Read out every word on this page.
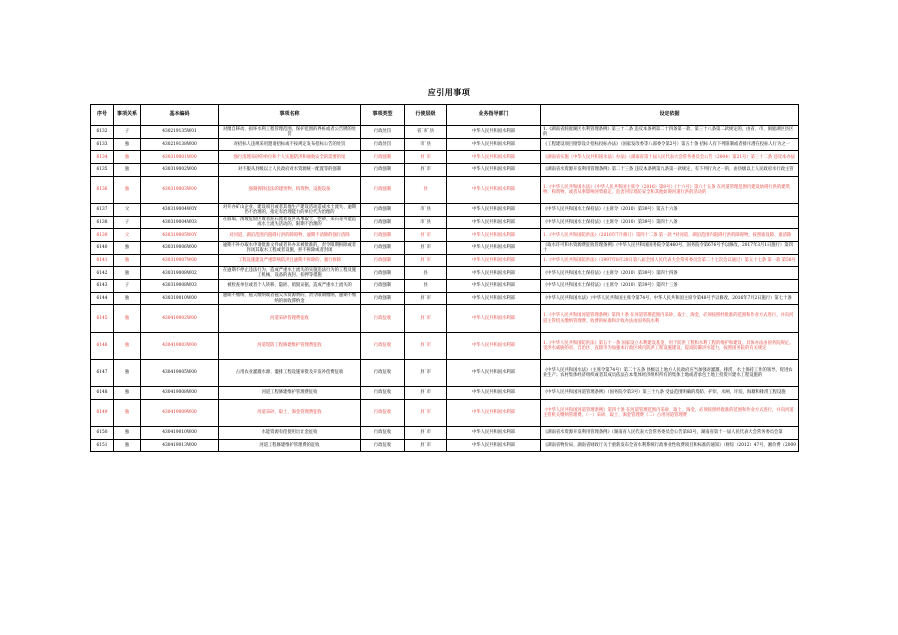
应引用事项
序号	事项关系	基本编码	事项名称	事项类型	行使层级	业务指导部门	设定依据
6132	子	430219135W01	对擅自移动、损坏水利工程管理范围，保护范围的界桩或者公告牌的处罚	行政处罚	省`市`县	中华人民共和国水利部	1.《湖南省洞庭湖区水利管理条例》第三十二条 违反本条例第二十四条第一款、第三十八条第二款规定的，由省、市、洞庭湖区县区的
6133	独	430219138W00	对招标人违规采用邀请招标或不按规定发布招标公告的处罚	行政处罚	市`县	中华人民共和国水利部	《工程建设项目勘察设计招标投标办法》（国家发改委等八部委令第2号）第五十条 招标人有下列限制或者排斥潜在投标人行为之一
6134	独	430319001W00	强行清理采砂的单位和个人实施防洪和通航安全的需要的尾	行政强制	县`市	中华人民共和国水利部	《湖南省实施〈中华人民共和国水法〉办法》（湖南省第十届人民代表大会常务委员会公告（2004）第21号）第三十二条 违反本办法
6135	独	430319002W00	对不服从县级以上人民政府对水资源统一配置等的强制	行政强制	县`市	中华人民共和国水利部	《湖南省水资源开发利用管理条例》第二十三条 违反本条例第九条第一款规定，有下列行为之一的，由县级以上人民政府水行政主管
6136	独	430319003W00	强制拆除违法的建筑物、构筑物、设施设备	行政强制	县	中华人民共和国水利部	1.《中华人民共和国水法》《中华人民共和国主席令（2016）第8号》《十六号》第六十五条 在河道管理范围内建设妨碍行洪的建筑物、构筑物，或者从事影响河势稳定、危害河岸堤防安全和其他妨碍河道行洪的活动的
6137	父	430319004W0Y	对开办矿山企业、建设项目或者其他生产建设活动造成水土流失、逾期仍不治理的，指定有治理能力的单位代为治理的	行政强制	市`县	中华人民共和国水利部	《中华人民共和国水土保持法》（主席令（2010）第39号）第五十六条
6138	子	430319004W03	在崩塌、滑坡危险区或者泥石流易发区从事取土、挖砂、采石等可能造成水土流失活动的，限期不治理的	行政强制	市`县	中华人民共和国水利部	《中华人民共和国水土保持法》（主席令（2010）第39号）第四十八条
6139	父	430319005W0Y	对河道、湖泊范围内阻碍行洪的障碍物，逾期不清除的强行清除	行政强制	县`市	中华人民共和国水利部	1.《中华人民共和国防洪法》（2016年7月修订）第四十二条 第一款 *对河道、湖泊范围内阻碍行洪的障碍物，按照谁设障、谁清除
6140	独	430319006W00	逾期不补办取水申请批准文件或者补办未被批准的，责令限期拆除或者封闭其取水工程或者设施，拒不拆除或者封闭	行政强制	县`市	中华人民共和国水利部	《取水许可和水资源费征收管理条例》（中华人民共和国国务院令第460号，国务院令第676号予以修改，2017年3月1日施行）第四十
6141	独	430319007W00	工程设施建设严重影响防洪且逾期不拆除的，强行拆除	行政强制	县`市	中华人民共和国水利部	1.《中华人民共和国防洪法》（1997年8月29日第八届全国人民代表大会常务委员会第二十七次会议通过）第五十七条 第一款 第58号
6142	独	430319008W02	在逾期不停止违法行为，造成严重水土流失的实施违法行为的工程及施工机械、设备的查封、扣押等措施	行政强制	县	中华人民共和国水利部	《中华人民共和国水土保持法》（主席令（2010）第39号）第四十四条
6143	子	430319008W03	被检查单位或者个人转移、隐匿、销毁证据，造成严重水土流失的	行政强制	县	中华人民共和国水利部	《中华人民共和国水土保持法》（主席令（2010）第39号）第四十三条
6144	独	430319010W00	逾期不缴纳、拖欠缴纳或者拖欠水资源费的，责令限期缴纳，逾期不缴纳的加收滞纳金	行政强制	县`市	中华人民共和国水利部	《中华人民共和国水法》（中华人民共和国主席令第74号，中华人民共和国主席令第48号予以修改，2016年7月2日施行）第七十条
6145	独	430419002W00	河道采砂管理费征收	行政征收	县`市	中华人民共和国水利部	1.《中华人民共和国河道管理条例》第四十条 在河道管理范围内采砂、取土、淘金，必须按照经批准的范围和作业方式进行，并向河道主管机关缴纳管理费。收费的标准和计收办法由国务院水利
6146	独	430419003W00	河道堤防工程修建维护管理费征收	行政征收	县`市	中华人民共和国水利部	1.《中华人民共和国防洪法》第五十一条 国家设立水利建设基金，用于防洪工程和水利工程的维护和建设。具体办法由国务院规定。受洪水威胁的省、自治区、直辖市为加强本行政区域内防洪工程设施建设，提高防御洪水能力，按照国务院的有关规定
6147	独	430419005W00	占用农业灌溉水源、灌排工程设施审批及开发补偿费征收	行政征收	县`市	中华人民共和国水利部	《中华人民共和国水法》（主席令第74号）第二十五条 县级以上地方人民政府应当加强对灌溉、排涝、水土保持工作的领导，促进农业生产；农村集体经济组织或者其成员依法在本集体经济组织所有的集体土地或者承包土地上投资兴建水工程设施的
6148	独	430419008W00	河道工程修建维护管理费征收	行政征收	县`市	中华人民共和国水利部	《中华人民共和国河道管理条例》（国务院令第3号）第三十九条 受益范围明确的堤防、护岸、水闸、圩垸、海塘和排涝工程设施
6149	独	430419009W00	河道采砂、取土、淘金管理费征收	行政征收	县`市	中华人民共和国水利部	《中华人民共和国河道管理条例》第四十条 在河道管理范围内采砂、取土、淘金，必须按照经批准的范围和作业方式进行，并向河道主管机关缴纳管理费。（一）采砂、取土、淘金管理费（二）占用河道管理费
6150	独	430419010W00	水能资源有偿使用出让金征收	行政征收	县`市	中华人民共和国水利部	《湖南省水资源开发利用管理条例》（湖南省人民代表大会常务委员会公告第83号，湖南省第十一届人民代表大会常务委员会第
6151	独	430419013W00	河道工程修建维护管理费的征收	行政征收	县`市	中华人民共和国水利部	《湖南省物价局、湖南省财政厅关于重新发布全省水利系统行政事业性收费项目和标准的通知》（财综（2012）47号、湘价费（2009
